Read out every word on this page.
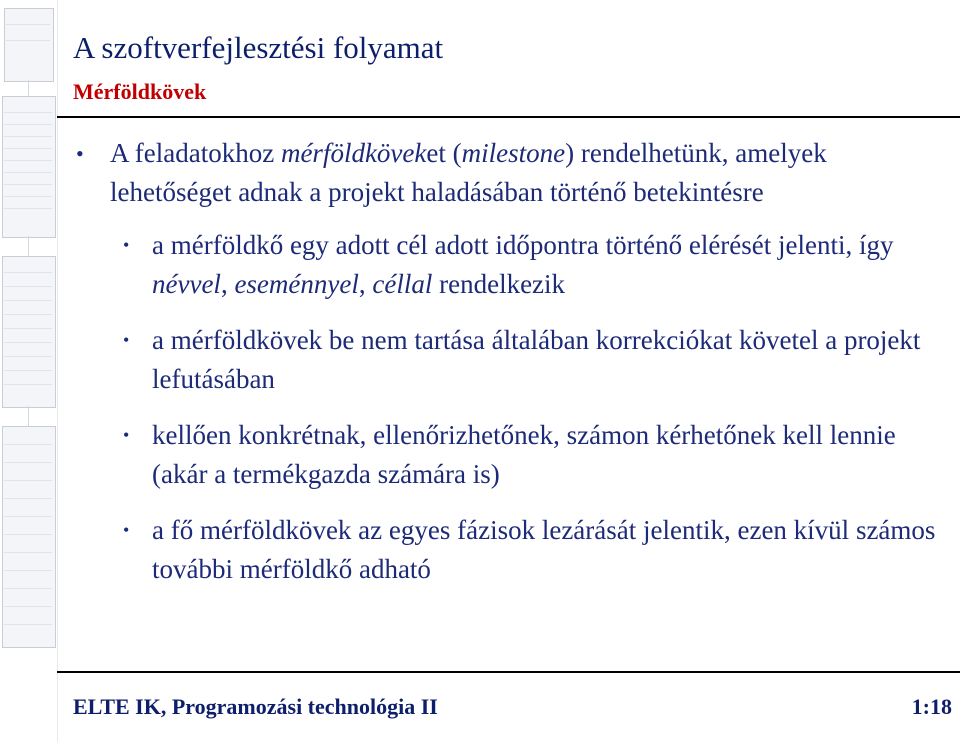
A szoftverfejlesztési folyamat
Mérföldkövek
• A feladatokhoz mérföldköveket (milestone) rendelhetünk, amelyek lehetőséget adnak a projekt haladásában történő betekintésre
• a mérföldkő egy adott cél adott időpontra történő elérését jelenti, így névvel, eseménnyel, céllal rendelkezik
• a mérföldkövek be nem tartása általában korrekciókat követel a projekt lefutásában
• kellően konkrétnak, ellenőrizhetőnek, számon kérhetőnek kell lennie (akár a termékgazda számára is)
• a fő mérföldkövek az egyes fázisok lezárását jelentik, ezen kívül számos további mérföldkő adható
ELTE IK, Programozási technológia II	1:18
